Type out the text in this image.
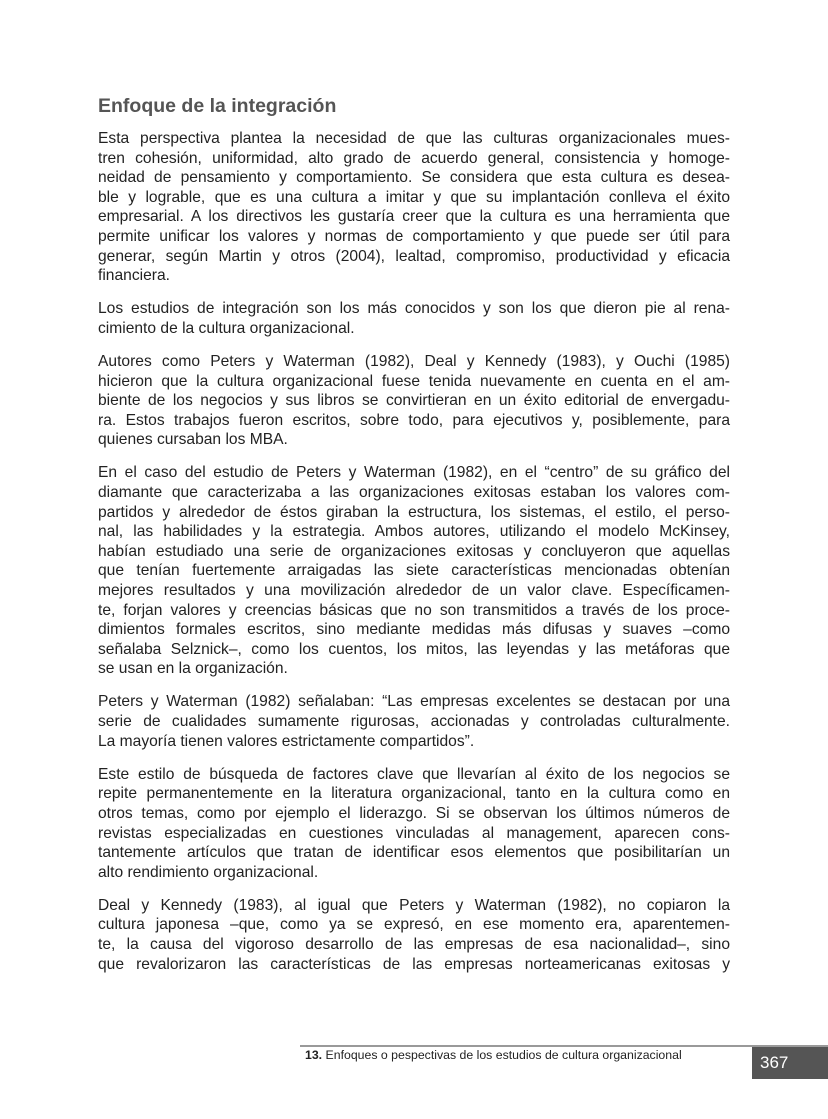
Enfoque de la integración

Esta perspectiva plantea la necesidad de que las culturas organizacionales mues-
tren cohesión, uniformidad, alto grado de acuerdo general, consistencia y homoge-
neidad de pensamiento y comportamiento. Se considera que esta cultura es desea-
ble y lograble, que es una cultura a imitar y que su implantación conlleva el éxito
empresarial. A los directivos les gustaría creer que la cultura es una herramienta que
permite unificar los valores y normas de comportamiento y que puede ser útil para
generar, según Martin y otros (2004), lealtad, compromiso, productividad y eficacia
financiera.

Los estudios de integración son los más conocidos y son los que dieron pie al rena-
cimiento de la cultura organizacional.

Autores como Peters y Waterman (1982), Deal y Kennedy (1983), y Ouchi (1985)
hicieron que la cultura organizacional fuese tenida nuevamente en cuenta en el am-
biente de los negocios y sus libros se convirtieran en un éxito editorial de envergadu-
ra. Estos trabajos fueron escritos, sobre todo, para ejecutivos y, posiblemente, para
quienes cursaban los MBA.

En el caso del estudio de Peters y Waterman (1982), en el “centro” de su gráfico del
diamante que caracterizaba a las organizaciones exitosas estaban los valores com-
partidos y alrededor de éstos giraban la estructura, los sistemas, el estilo, el perso-
nal, las habilidades y la estrategia. Ambos autores, utilizando el modelo McKinsey,
habían estudiado una serie de organizaciones exitosas y concluyeron que aquellas
que tenían fuertemente arraigadas las siete características mencionadas obtenían
mejores resultados y una movilización alrededor de un valor clave. Específicamen-
te, forjan valores y creencias básicas que no son transmitidos a través de los proce-
dimientos formales escritos, sino mediante medidas más difusas y suaves –como
señalaba Selznick–, como los cuentos, los mitos, las leyendas y las metáforas que
se usan en la organización.

Peters y Waterman (1982) señalaban: “Las empresas excelentes se destacan por una
serie de cualidades sumamente rigurosas, accionadas y controladas culturalmente.
La mayoría tienen valores estrictamente compartidos”.

Este estilo de búsqueda de factores clave que llevarían al éxito de los negocios se
repite permanentemente en la literatura organizacional, tanto en la cultura como en
otros temas, como por ejemplo el liderazgo. Si se observan los últimos números de
revistas especializadas en cuestiones vinculadas al management, aparecen cons-
tantemente artículos que tratan de identificar esos elementos que posibilitarían un
alto rendimiento organizacional.

Deal y Kennedy (1983), al igual que Peters y Waterman (1982), no copiaron la
cultura japonesa –que, como ya se expresó, en ese momento era, aparentemen-
te, la causa del vigoroso desarrollo de las empresas de esa nacionalidad–, sino
que revalorizaron las características de las empresas norteamericanas exitosas y

13. Enfoques o pespectivas de los estudios de cultura organizacional	367
